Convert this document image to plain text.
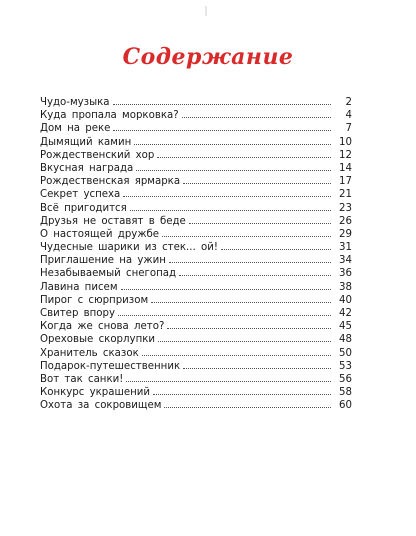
Содержание
Чудо-музыка	2
Куда пропала морковка?	4
Дом на реке	7
Дымящий камин	10
Рождественский хор	12
Вкусная награда	14
Рождественская ярмарка	17
Секрет успеха	21
Всё пригодится	23
Друзья не оставят в беде	26
О настоящей дружбе	29
Чудесные шарики из стек... ой!	31
Приглашение на ужин	34
Незабываемый снегопад	36
Лавина писем	38
Пирог с сюрпризом	40
Свитер впору	42
Когда же снова лето?	45
Ореховые скорлупки	48
Хранитель сказок	50
Подарок-путешественник	53
Вот так санки!	56
Конкурс украшений	58
Охота за сокровищем	60
